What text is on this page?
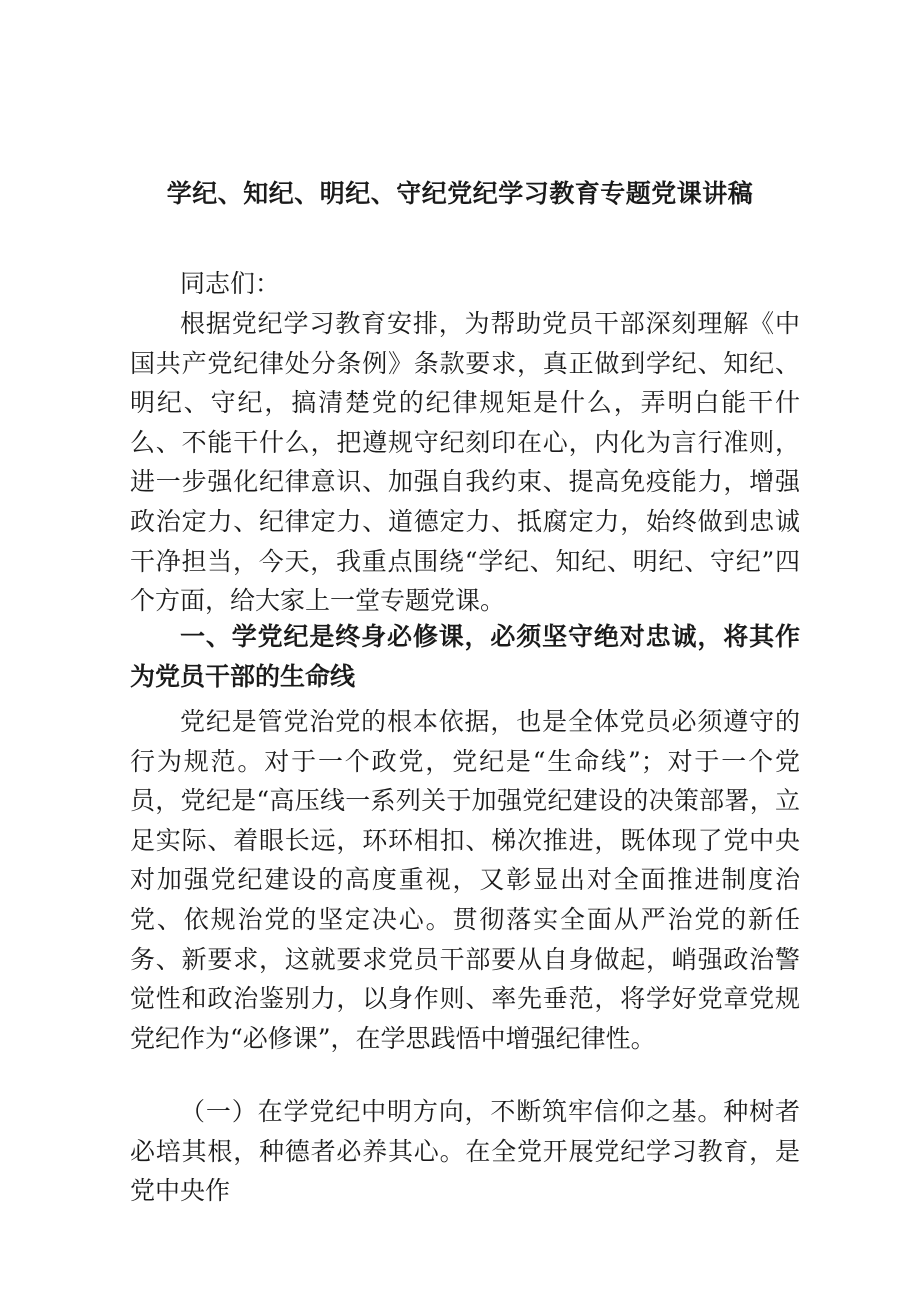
学纪、知纪、明纪、守纪党纪学习教育专题党课讲稿

同志们：

根据党纪学习教育安排，为帮助党员干部深刻理解《中国共产党纪律处分条例》条款要求，真正做到学纪、知纪、明纪、守纪，搞清楚党的纪律规矩是什么，弄明白能干什么、不能干什么，把遵规守纪刻印在心，内化为言行准则，进一步强化纪律意识、加强自我约束、提高免疫能力，增强政治定力、纪律定力、道德定力、抵腐定力，始终做到忠诚干净担当，今天，我重点围绕“学纪、知纪、明纪、守纪”四个方面，给大家上一堂专题党课。

一、学党纪是终身必修课，必须坚守绝对忠诚，将其作为党员干部的生命线

党纪是管党治党的根本依据，也是全体党员必须遵守的行为规范。对于一个政党，党纪是“生命线”；对于一个党员，党纪是“高压线一系列关于加强党纪建设的决策部署，立足实际、着眼长远，环环相扣、梯次推进，既体现了党中央对加强党纪建设的高度重视，又彰显出对全面推进制度治党、依规治党的坚定决心。贯彻落实全面从严治党的新任务、新要求，这就要求党员干部要从自身做起，峭强政治警觉性和政治鉴别力，以身作则、率先垂范，将学好党章党规党纪作为“必修课”，在学思践悟中增强纪律性。

（一）在学党纪中明方向，不断筑牢信仰之基。种树者必培其根，种德者必养其心。在全党开展党纪学习教育，是党中央作
